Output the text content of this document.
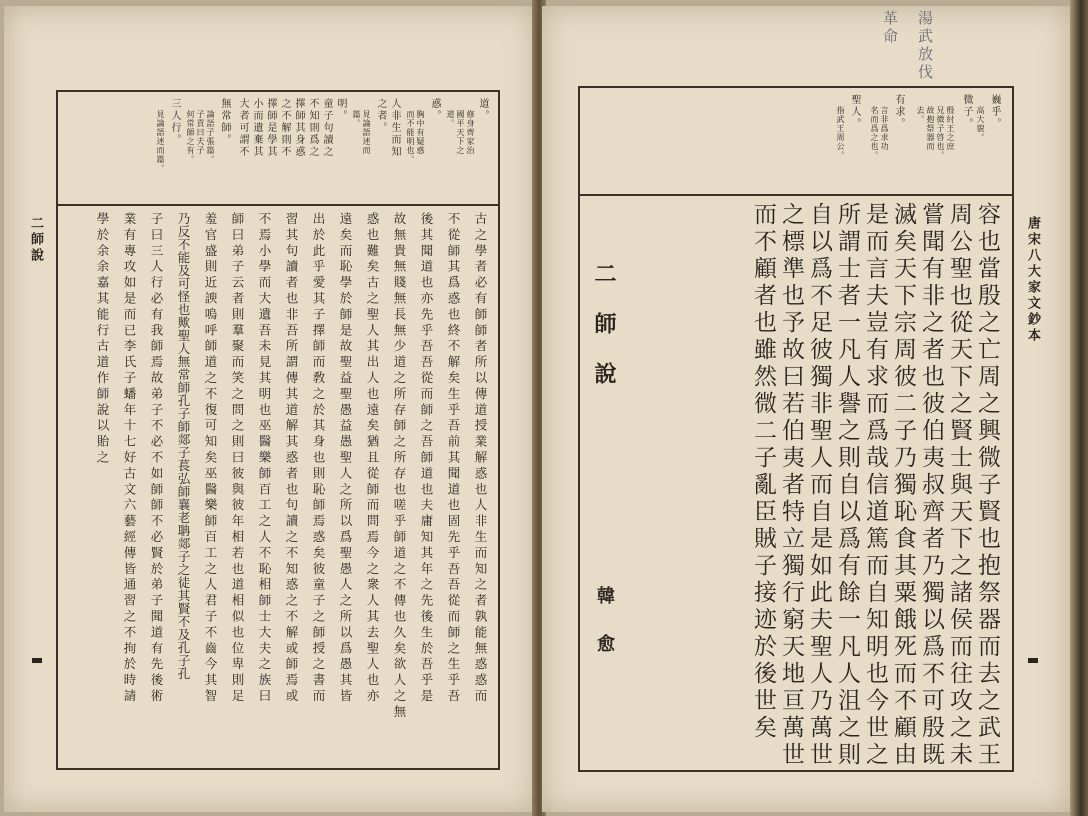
道。
修身齊家治
國平天下之
道。
惑。
胸中有疑惑
而不能明也。
人非生而知
之者。
見論語述而
篇。
明。
童子句讀之
不知則爲之
擇師其身惑
之不解則不
擇師是學其
小而遺棄其
大者可謂不
無常師。
論語子張篇。
子貢曰夫子
何常師之有。
三人行。
見論語述而篇。
古之學者必有師師者所以傳道授業解惑也人非生而知之者孰能無惑惑而
不從師其爲惑也終不解矣生乎吾前其聞道也固先乎吾吾從而師之生乎吾
後其聞道也亦先乎吾吾從而師之吾師道也夫庸知其年之先後生於吾乎是
故無貴無賤無長無少道之所存師之所存也嗟乎師道之不傳也久矣欲人之無
惑也難矣古之聖人其出人也遠矣猶且從師而問焉今之衆人其去聖人也亦
遠矣而恥學於師是故聖益聖愚益愚聖人之所以爲聖愚人之所以爲愚其皆
出於此乎愛其子擇師而敎之於其身也則恥師焉惑矣彼童子之師授之書而
習其句讀者也非吾所謂傳其道解其惑者也句讀之不知惑之不解或師焉或
不焉小學而大遺吾未見其明也巫醫樂師百工之人不恥相師士大夫之族曰
師曰弟子云者則羣聚而笑之問之則曰彼與彼年相若也道相似也位卑則足
羞官盛則近諛嗚呼師道之不復可知矣巫醫樂師百工之人君子不齒今其智
乃反不能及可怪也歟聖人無常師孔子師郯子萇弘師襄老聃郯子之徒其賢不及孔子孔
子曰三人行必有我師焉故弟子不必不如師師不必賢於弟子聞道有先後術
業有專攻如是而已李氏子蟠年十七好古文六藝經傳皆通習之不拘於時請
學於余余嘉其能行古道作師說以貽之
二師說	唐宋八大家文鈔本
湯武放伐
革命
巍乎。
高大貌。
微子。
殷紂王之庶
兄微子啓也。
故抱祭器而
去。
有求。
言非爲求功
名而爲之也。
聖人。
指武王周公。
容也當殷之亡周之興微子賢也抱祭器而去之武王
周公聖也從天下之賢士與天下之諸侯而往攻之未
嘗聞有非之者也彼伯夷叔齊者乃獨以爲不可殷既
滅矣天下宗周彼二子乃獨恥食其粟餓死而不顧由
是而言夫豈有求而爲哉信道篤而自知明也今世之
所謂士者一凡人譽之則自以爲有餘一凡人沮之則
自以爲不足彼獨非聖人而自是如此夫聖人乃萬世
之標準也予故曰若伯夷者特立獨行窮天地亘萬世
而不顧者也雖然微二子亂臣賊子接迹於後世矣
二師說
韓愈
